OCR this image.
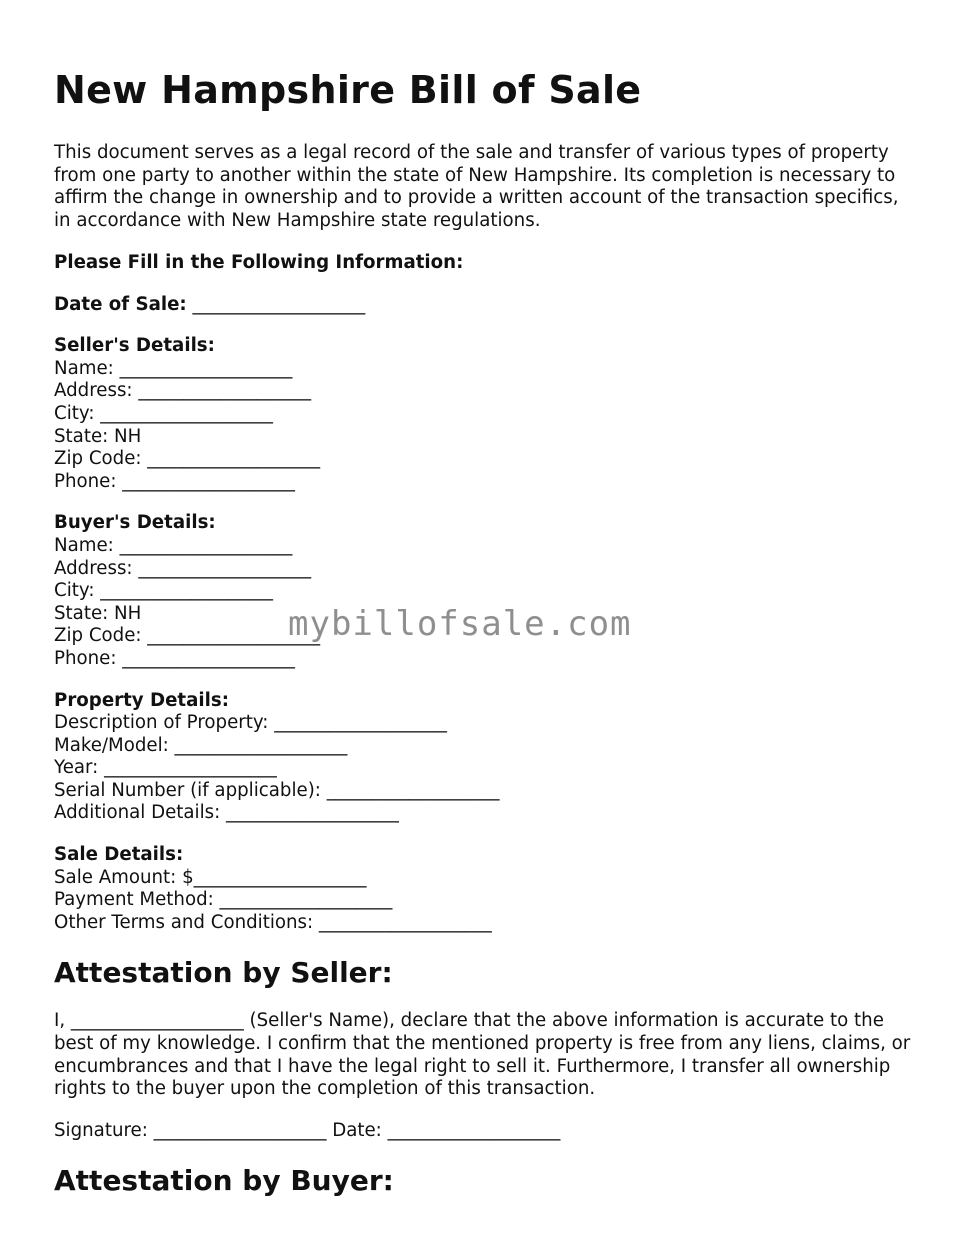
New Hampshire Bill of Sale

This document serves as a legal record of the sale and transfer of various types of property from one party to another within the state of New Hampshire. Its completion is necessary to affirm the change in ownership and to provide a written account of the transaction specifics, in accordance with New Hampshire state regulations.

Please Fill in the Following Information:
Date of Sale: ___________________
Seller's Details:
Name: ___________________
Address: ___________________
City: ___________________
State: NH
Zip Code: ___________________
Phone: ___________________
Buyer's Details:
Name: ___________________
Address: ___________________
City: ___________________
State: NH
Zip Code: ___________________
Phone: ___________________
Property Details:
Description of Property: ___________________
Make/Model: ___________________
Year: ___________________
Serial Number (if applicable): ___________________
Additional Details: ___________________
Sale Details:
Sale Amount: $___________________
Payment Method: ___________________
Other Terms and Conditions: ___________________
Attestation by Seller:

I, ___________________ (Seller's Name), declare that the above information is accurate to the best of my knowledge. I confirm that the mentioned property is free from any liens, claims, or encumbrances and that I have the legal right to sell it. Furthermore, I transfer all ownership rights to the buyer upon the completion of this transaction.

Signature: ___________________ Date: ___________________
Attestation by Buyer:
mybillofsale.com
